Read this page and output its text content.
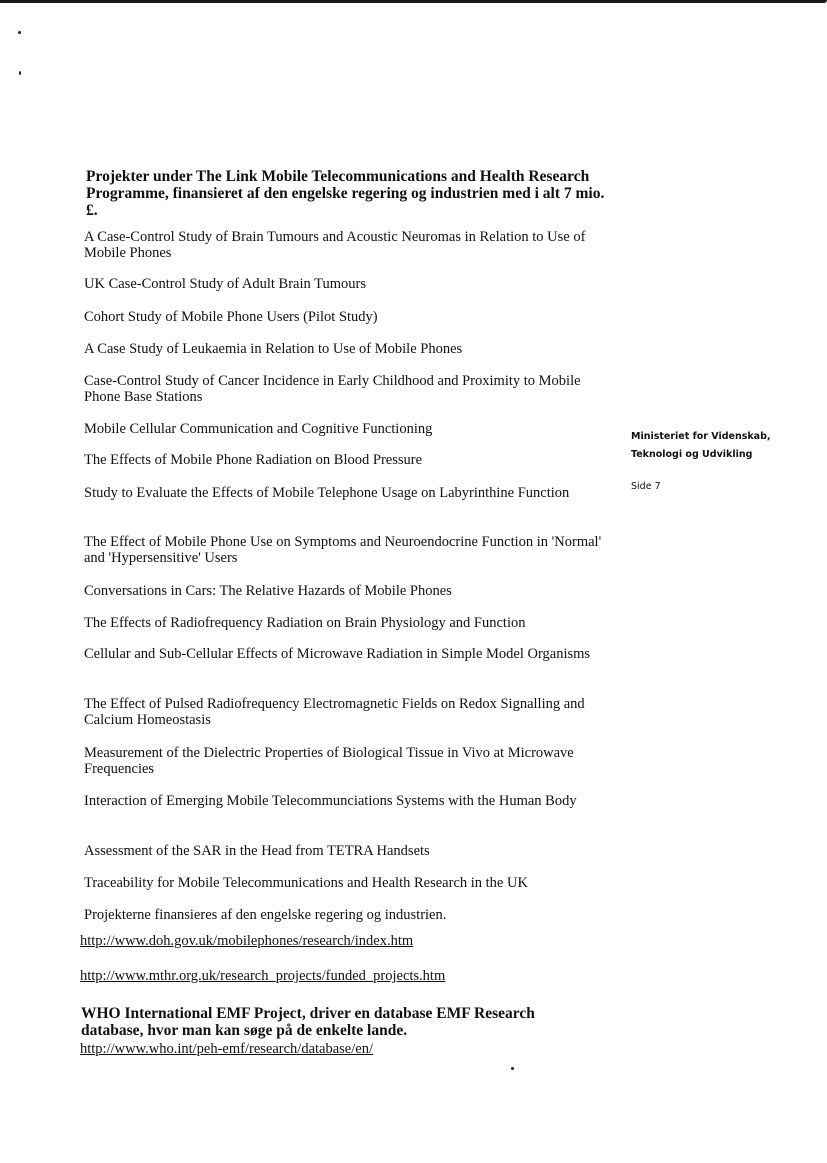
Projekter under The Link Mobile Telecommunications and Health Research Programme, finansieret af den engelske regering og industrien med i alt 7 mio.£.
A Case-Control Study of Brain Tumours and Acoustic Neuromas in Relation to Use of Mobile Phones
UK Case-Control Study of Adult Brain Tumours
Cohort Study of Mobile Phone Users (Pilot Study)
A Case Study of Leukaemia in Relation to Use of Mobile Phones
Case-Control Study of Cancer Incidence in Early Childhood and Proximity to Mobile Phone Base Stations
Mobile Cellular Communication and Cognitive Functioning
The Effects of Mobile Phone Radiation on Blood Pressure
Study to Evaluate the Effects of Mobile Telephone Usage on Labyrinthine Function
The Effect of Mobile Phone Use on Symptoms and Neuroendocrine Function in 'Normal' and 'Hypersensitive' Users
Conversations in Cars: The Relative Hazards of Mobile Phones
The Effects of Radiofrequency Radiation on Brain Physiology and Function
Cellular and Sub-Cellular Effects of Microwave Radiation in Simple Model Organisms
The Effect of Pulsed Radiofrequency Electromagnetic Fields on Redox Signalling and Calcium Homeostasis
Measurement of the Dielectric Properties of Biological Tissue in Vivo at Microwave Frequencies
Interaction of Emerging Mobile Telecommunciations Systems with the Human Body
Assessment of the SAR in the Head from TETRA Handsets
Traceability for Mobile Telecommunications and Health Research in the UK
Projekterne finansieres af den engelske regering og industrien.
http://www.doh.gov.uk/mobilephones/research/index.htm
http://www.mthr.org.uk/research_projects/funded_projects.htm
WHO International EMF Project, driver en database EMF Research database, hvor man kan søge på de enkelte lande.
http://www.who.int/peh-emf/research/database/en/
Ministeriet for Videnskab, Teknologi og Udvikling
Side 7
